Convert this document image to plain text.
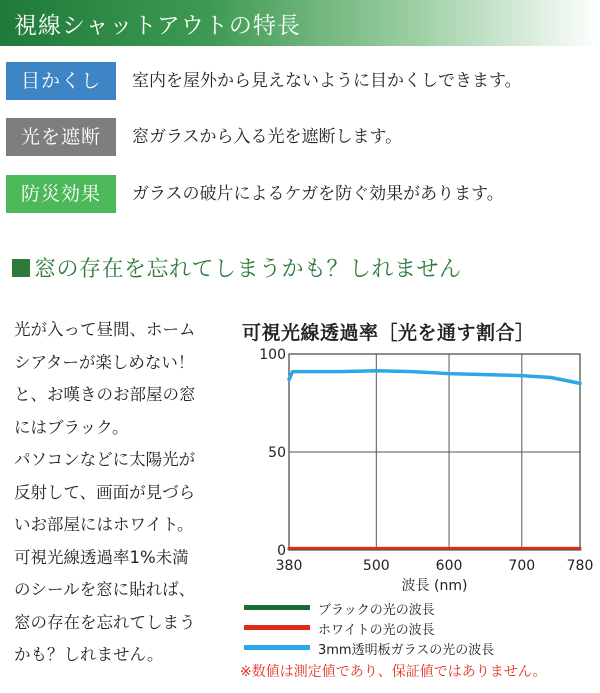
視線シャットアウトの特長
目かくし	室内を屋外から見えないように目かくしできます。
光を遮断	窓ガラスから入る光を遮断します。
防災効果	ガラスの破片によるケガを防ぐ効果があります。
窓の存在を忘れてしまうかも？しれません
光が入って昼間、ホーム
シアターが楽しめない！
と、お嘆きのお部屋の窓
にはブラック。
パソコンなどに太陽光が
反射して、画面が見づら
いお部屋にはホワイト。
可視光線透過率1%未満
のシールを窓に貼れば、
窓の存在を忘れてしまう
かも？しれません。
可視光線透過率［光を通す割合］
380	500	600	700 780
0
50
100
波長 (nm)
ブラックの光の波長
ホワイトの光の波長
3mm透明板ガラスの光の波長
※数値は測定値であり、保証値ではありません。
